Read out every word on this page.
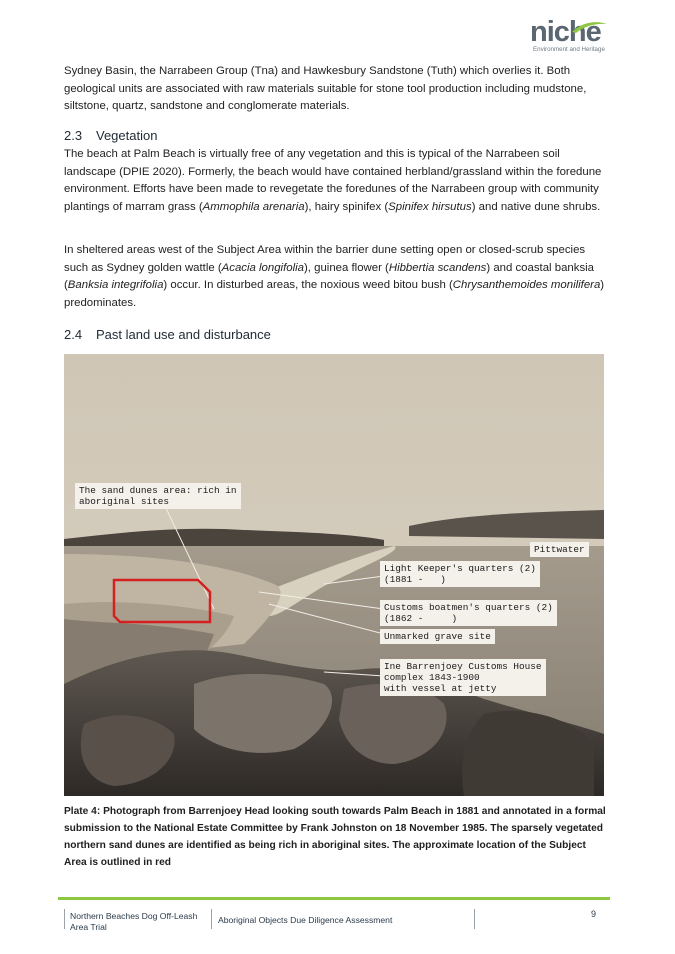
niche
Environment and Heritage

Sydney Basin, the Narrabeen Group (Tna) and Hawkesbury Sandstone (Tuth) which overlies it. Both geological units are associated with raw materials suitable for stone tool production including mudstone, siltstone, quartz, sandstone and conglomerate materials.

2.3 Vegetation

The beach at Palm Beach is virtually free of any vegetation and this is typical of the Narrabeen soil landscape (DPIE 2020). Formerly, the beach would have contained herbland/grassland within the foredune environment. Efforts have been made to revegetate the foredunes of the Narrabeen group with community plantings of marram grass (Ammophila arenaria), hairy spinifex (Spinifex hirsutus) and native dune shrubs.

In sheltered areas west of the Subject Area within the barrier dune setting open or closed-scrub species such as Sydney golden wattle (Acacia longifolia), guinea flower (Hibbertia scandens) and coastal banksia (Banksia integrifolia) occur. In disturbed areas, the noxious weed bitou bush (Chrysanthemoides monilifera) predominates.

2.4 Past land use and disturbance
The sand dunes area: rich in
aboriginal sites
Pittwater
Light Keeper's quarters (2)
(1881 -   )
Customs boatmen's quarters (2)
(1862 -     )
Unmarked grave site
Ine Barrenjoey Customs House
complex 1843-1900
with vessel at jetty

Plate 4: Photograph from Barrenjoey Head looking south towards Palm Beach in 1881 and annotated in a formal submission to the National Estate Committee by Frank Johnston on 18 November 1985. The sparsely vegetated northern sand dunes are identified as being rich in aboriginal sites. The approximate location of the Subject Area is outlined in red

Northern Beaches Dog Off-Leash Area Trial
Aboriginal Objects Due Diligence Assessment
9
